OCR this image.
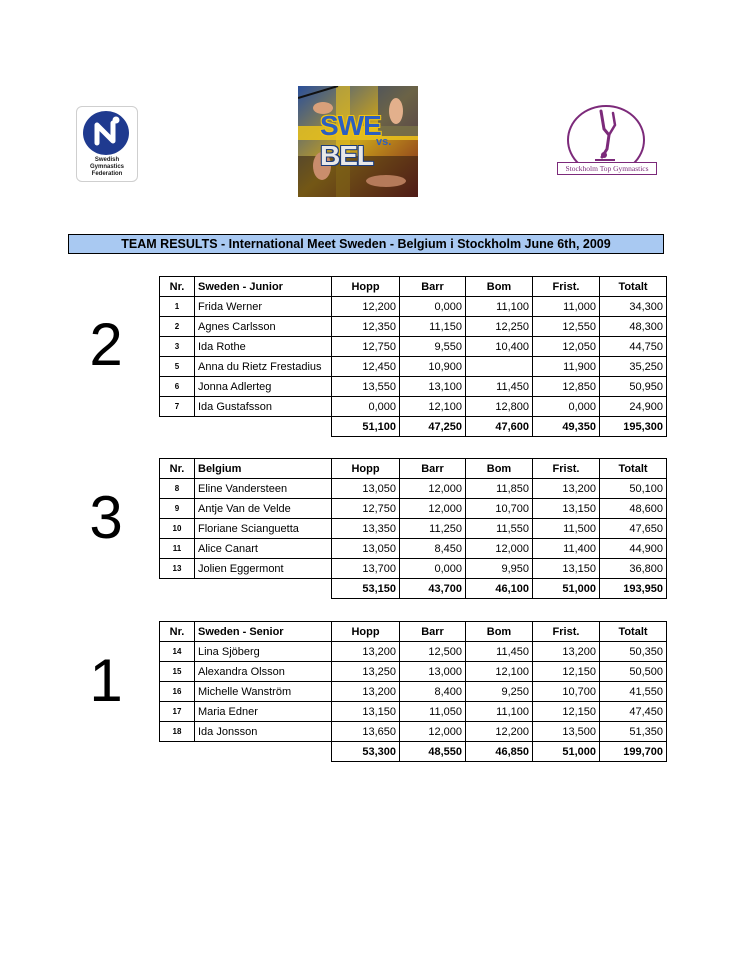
Swedish
Gymnastics
Federation
SWE
vs.
BEL	Stockholm Top Gymnastics
TEAM RESULTS - International Meet Sweden - Belgium i Stockholm June 6th, 2009
2
3
1
Nr.	Sweden - Junior	Hopp	Barr	Bom	Frist.	Totalt
1	Frida Werner	12,200	0,000	11,100	11,000	34,300
2	Agnes Carlsson	12,350	11,150	12,250	12,550	48,300
3	Ida Rothe	12,750	9,550	10,400	12,050	44,750
5	Anna du Rietz Frestadius	12,450	10,900		11,900	35,250
6	Jonna Adlerteg	13,550	13,100	11,450	12,850	50,950
7	Ida Gustafsson	0,000	12,100	12,800	0,000	24,900
		51,100	47,250	47,600	49,350	195,300
Nr.	Belgium	Hopp	Barr	Bom	Frist.	Totalt
8	Eline Vandersteen	13,050	12,000	11,850	13,200	50,100
9	Antje Van de Velde	12,750	12,000	10,700	13,150	48,600
10	Floriane Scianguetta	13,350	11,250	11,550	11,500	47,650
11	Alice Canart	13,050	8,450	12,000	11,400	44,900
13	Jolien Eggermont	13,700	0,000	9,950	13,150	36,800
		53,150	43,700	46,100	51,000	193,950
Nr.	Sweden - Senior	Hopp	Barr	Bom	Frist.	Totalt
14	Lina Sjöberg	13,200	12,500	11,450	13,200	50,350
15	Alexandra Olsson	13,250	13,000	12,100	12,150	50,500
16	Michelle Wanström	13,200	8,400	9,250	10,700	41,550
17	Maria Edner	13,150	11,050	11,100	12,150	47,450
18	Ida Jonsson	13,650	12,000	12,200	13,500	51,350
		53,300	48,550	46,850	51,000	199,700
